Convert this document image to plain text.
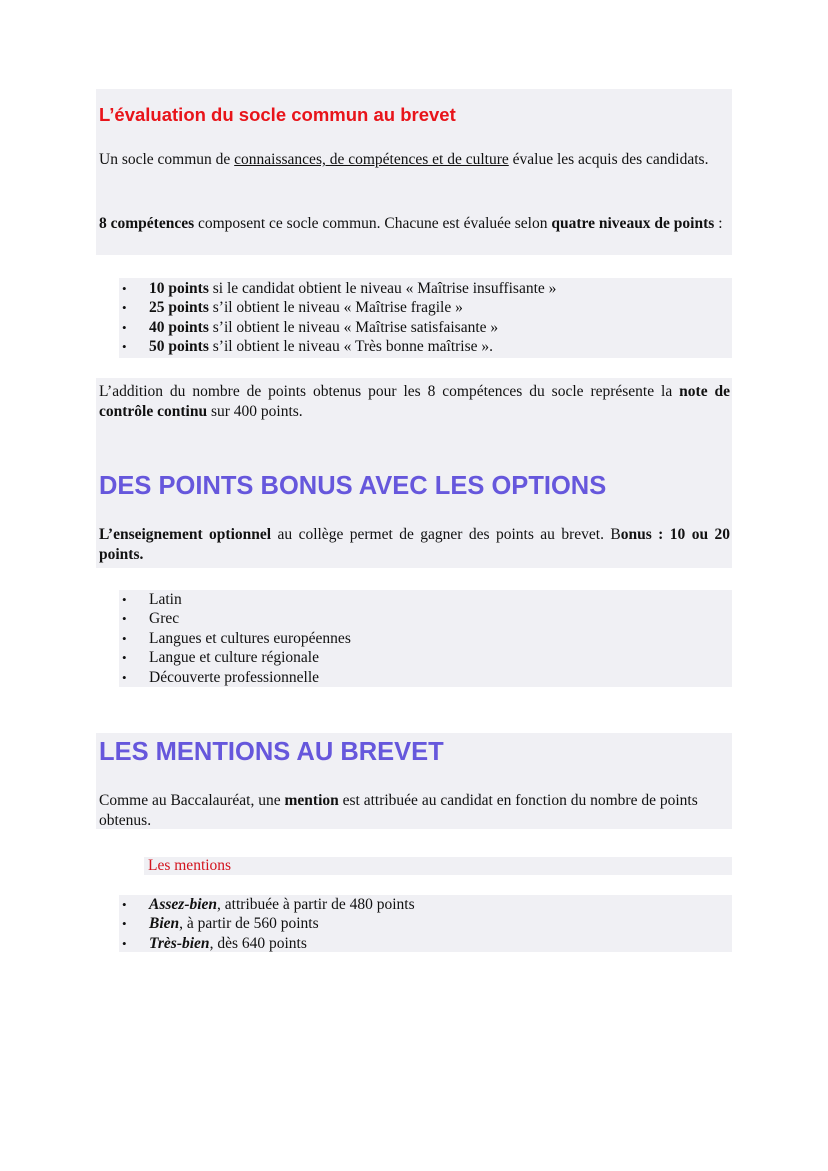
L’évaluation du socle commun au brevet

Un socle commun de connaissances, de compétences et de culture évalue les acquis des candidats.

8 compétences composent ce socle commun. Chacune est évaluée selon quatre niveaux de points :

• 10 points si le candidat obtient le niveau « Maîtrise insuffisante »
• 25 points s’il obtient le niveau « Maîtrise fragile »
• 40 points s’il obtient le niveau « Maîtrise satisfaisante »
• 50 points s’il obtient le niveau « Très bonne maîtrise ».

L’addition du nombre de points obtenus pour les 8 compétences du socle représente la note de contrôle continu sur 400 points.

DES POINTS BONUS AVEC LES OPTIONS

L’enseignement optionnel au collège permet de gagner des points au brevet. Bonus : 10 ou 20 points.

• Latin
• Grec
• Langues et cultures européennes
• Langue et culture régionale
• Découverte professionnelle
LES MENTIONS AU BREVET

Comme au Baccalauréat, une mention est attribuée au candidat en fonction du nombre de points obtenus.

Les mentions
• Assez-bien, attribuée à partir de 480 points
• Bien, à partir de 560 points
• Très-bien, dès 640 points
